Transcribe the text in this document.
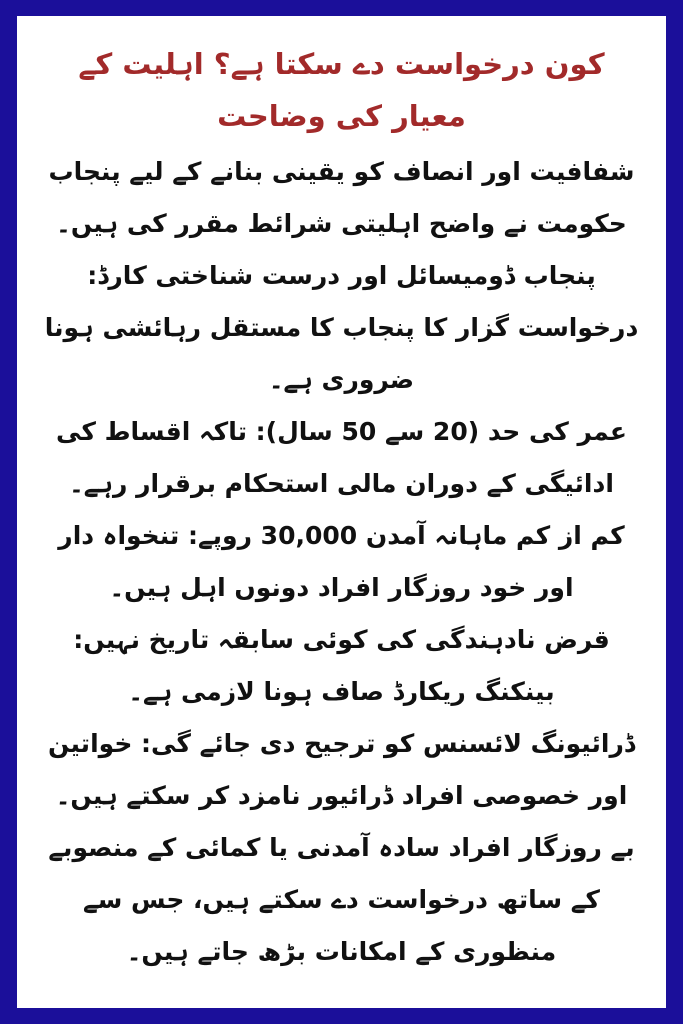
کون درخواست دے سکتا ہے؟ اہلیت کے معیار کی وضاحت
شفافیت اور انصاف کو یقینی بنانے کے لیے پنجاب حکومت نے واضح اہلیتی شرائط مقرر کی ہیں۔
پنجاب ڈومیسائل اور درست شناختی کارڈ: درخواست گزار کا پنجاب کا مستقل رہائشی ہونا ضروری ہے۔
عمر کی حد (20 سے 50 سال): تاکہ اقساط کی ادائیگی کے دوران مالی استحکام برقرار رہے۔
کم از کم ماہانہ آمدن 30,000 روپے: تنخواہ دار اور خود روزگار افراد دونوں اہل ہیں۔
قرض نادہندگی کی کوئی سابقہ تاریخ نہیں: بینکنگ ریکارڈ صاف ہونا لازمی ہے۔
ڈرائیونگ لائسنس کو ترجیح دی جائے گی: خواتین اور خصوصی افراد ڈرائیور نامزد کر سکتے ہیں۔
بے روزگار افراد سادہ آمدنی یا کمائی کے منصوبے کے ساتھ درخواست دے سکتے ہیں، جس سے منظوری کے امکانات بڑھ جاتے ہیں۔
